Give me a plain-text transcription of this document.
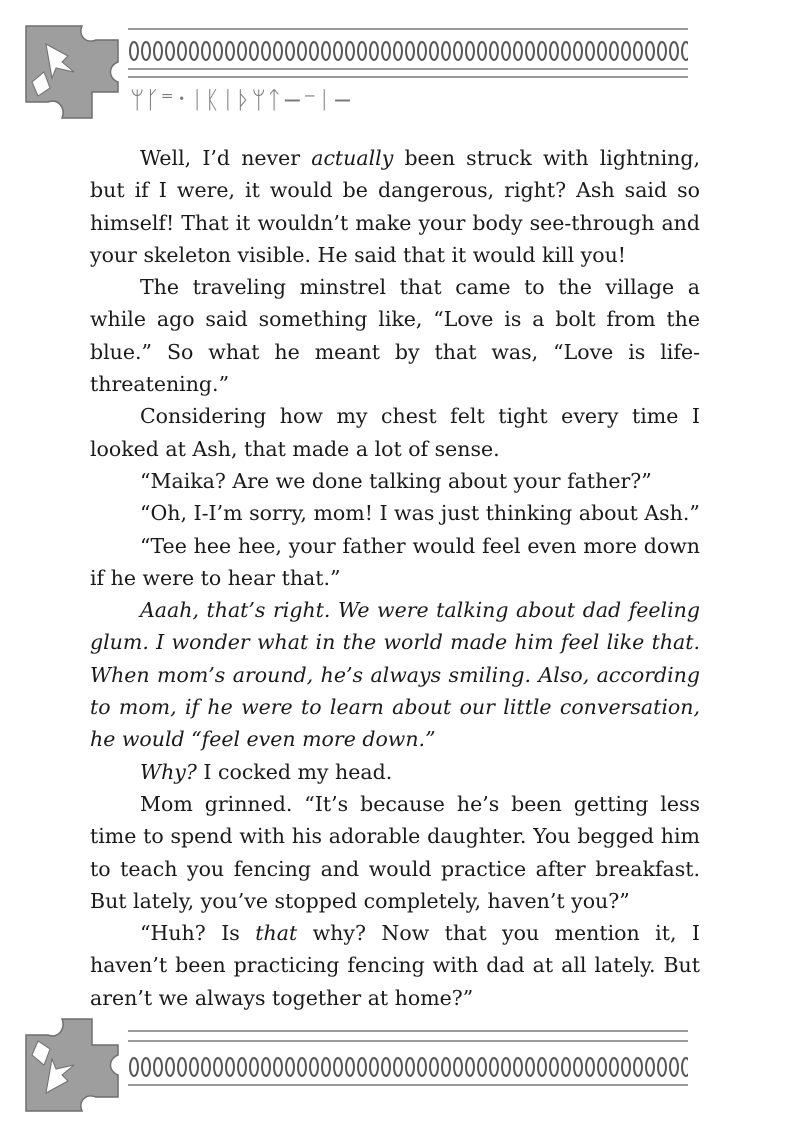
ᛘᚴ⁼᛫ᛁᛕᛁᚦᛘᛏ−⁻ᛁ−

Well, I’d never actually been struck with lightning, but if I were, it would be dangerous, right? Ash said so himself! That it wouldn’t make your body see-through and your skeleton visible. He said that it would kill you!

The traveling minstrel that came to the village a while ago said something like, “Love is a bolt from the blue.” So what he meant by that was, “Love is life-threatening.”

Considering how my chest felt tight every time I looked at Ash, that made a lot of sense.

“Maika? Are we done talking about your father?”

“Oh, I-I’m sorry, mom! I was just thinking about Ash.”

“Tee hee hee, your father would feel even more down if he were to hear that.”

Aaah, that’s right. We were talking about dad feeling glum. I wonder what in the world made him feel like that. When mom’s around, he’s always smiling. Also, according to mom, if he were to learn about our little conversation, he would “feel even more down.”

Why? I cocked my head.

Mom grinned. “It’s because he’s been getting less time to spend with his adorable daughter. You begged him to teach you fencing and would practice after breakfast. But lately, you’ve stopped completely, haven’t you?”

“Huh? Is that why? Now that you mention it, I haven’t been practicing fencing with dad at all lately. But aren’t we always together at home?”
